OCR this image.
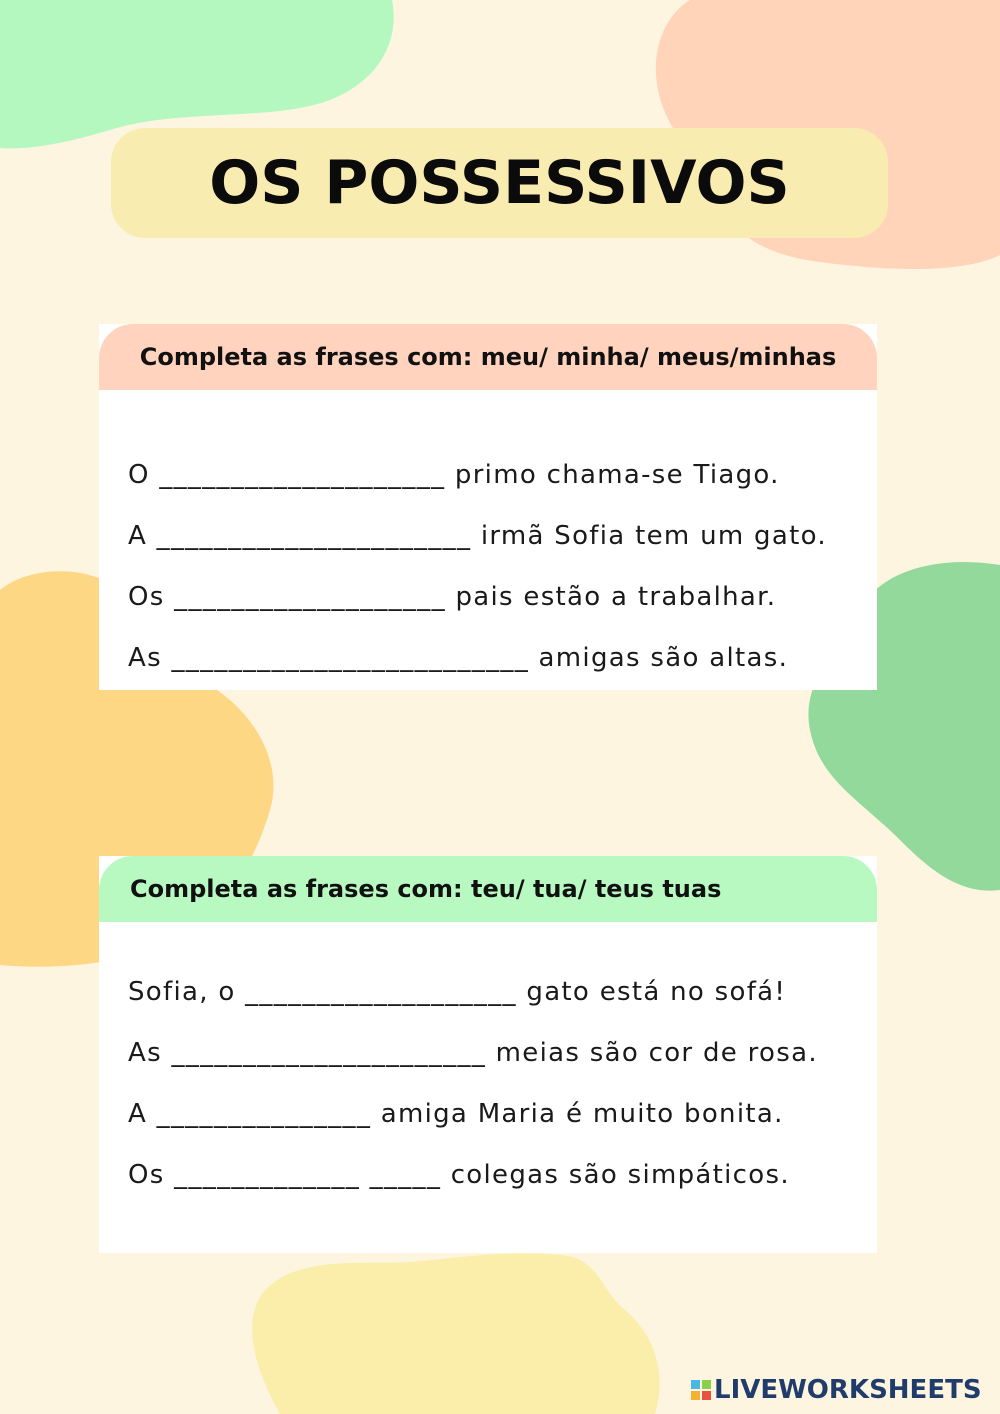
OS POSSESSIVOS
Completa as frases com: meu/ minha/ meus/minhas
O ____________________ primo chama-se Tiago.
A ______________________ irmã Sofia tem um gato.
Os ___________________ pais estão a trabalhar.
As _________________________ amigas são altas.
Completa as frases com: teu/ tua/ teus tuas
Sofia, o ___________________ gato está no sofá!
As ______________________ meias são cor de rosa.
A _______________ amiga Maria é muito bonita.
Os _____________ _____ colegas são simpáticos.
LIVEWORKSHEETS
